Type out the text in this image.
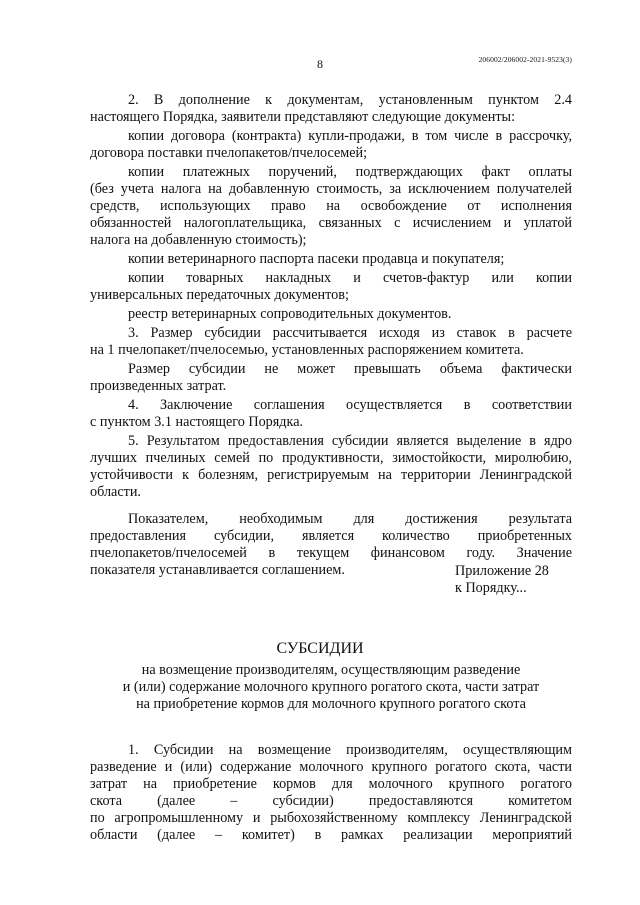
8	206002/206002-2021-9523(3)
2. В дополнение к документам, установленным пунктом 2.4
настоящего Порядка, заявители представляют следующие документы:
копии договора (контракта) купли-продажи, в том числе в рассрочку,
договора поставки пчелопакетов/пчелосемей;
копии платежных поручений, подтверждающих факт оплаты
(без учета налога на добавленную стоимость, за исключением получателей
средств, использующих право на освобождение от исполнения
обязанностей налогоплательщика, связанных с исчислением и уплатой
налога на добавленную стоимость);
копии ветеринарного паспорта пасеки продавца и покупателя;
копии товарных накладных и счетов-фактур или копии
универсальных передаточных документов;
реестр ветеринарных сопроводительных документов.
3. Размер субсидии рассчитывается исходя из ставок в расчете
на 1 пчелопакет/пчелосемью, установленных распоряжением комитета.
Размер субсидии не может превышать объема фактически
произведенных затрат.
4. Заключение соглашения осуществляется в соответствии
с пунктом 3.1 настоящего Порядка.
5. Результатом предоставления субсидии является выделение в ядро
лучших пчелиных семей по продуктивности, зимостойкости, миролюбию,
устойчивости к болезням, регистрируемым на территории Ленинградской
области.
Показателем, необходимым для достижения результата
предоставления субсидии, является количество приобретенных
пчелопакетов/пчелосемей в текущем финансовом году. Значение
показателя устанавливается соглашением.	Приложение 28
к Порядку...
СУБСИДИИ
на возмещение производителям, осуществляющим разведение
и (или) содержание молочного крупного рогатого скота, части затрат
на приобретение кормов для молочного крупного рогатого скота
1. Субсидии на возмещение производителям, осуществляющим
разведение и (или) содержание молочного крупного рогатого скота, части
затрат на приобретение кормов для молочного крупного рогатого
скота (далее – субсидии) предоставляются комитетом
по агропромышленному и рыбохозяйственному комплексу Ленинградской
области (далее – комитет) в рамках реализации мероприятий
